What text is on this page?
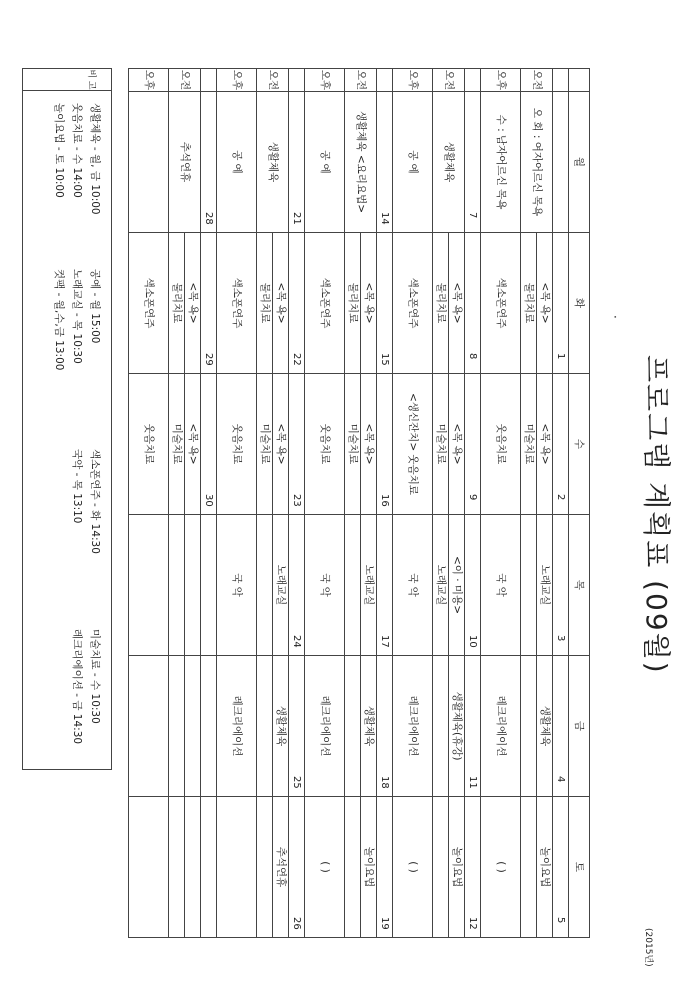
프로그램 계획표 (09월)
(2015년)
·
	월	화	수	목	금	토
		1	2	3	4	5
오전	오 회 : 여자어르신 목욕	<목 욕>	<목 욕>	노래교실	생활체육	놀이요법
		물리치료	미술치료			
오후	수 : 남자어르신 목욕	색소폰연주	웃음치료	국 악	레크리에이션	( )
	7	8	9	10	11	12
오전	생활체육	<목 욕>	<목 욕>	<이 · 미용>	생활체육(휴강)	놀이요법
		물리치료	미술치료	노래교실		
오후	공 예	색소폰연주	<생신잔치> 웃음치료	국 악	레크리에이션	( )
	14	15	16	17	18	19
오전	생활체육 <요리요법>	<목 욕>	<목 욕>	노래교실	생활체육	놀이요법
		물리치료	미술치료			
오후	공 예	색소폰연주	웃음치료	국 악	레크리에이션	( )
	21	22	23	24	25	26
오전	생활체육	<목 욕>	<목 욕>	노래교실	생활체육	추석연휴
		물리치료	미술치료			
오후	공 예	색소폰연주	웃음치료	국 악	레크리에이션	
	28	29	30			
오전	추석연휴	<목 욕>	<목 욕>			
		물리치료	미술치료			
오후		색소폰연주	웃음치료			
비 고
생활체육 - 월, 금 10:00
웃음치료 - 수 14:00
놀이요법 - 토 10:00
공예 - 월 15:00
노래교실 - 목 10:30
컷팩 - 월,수,금 13:00
색소폰연주 - 화 14:30
국악 - 목 13:10
미술치료 - 수 10:30
레크리에이션 - 금 14:30
